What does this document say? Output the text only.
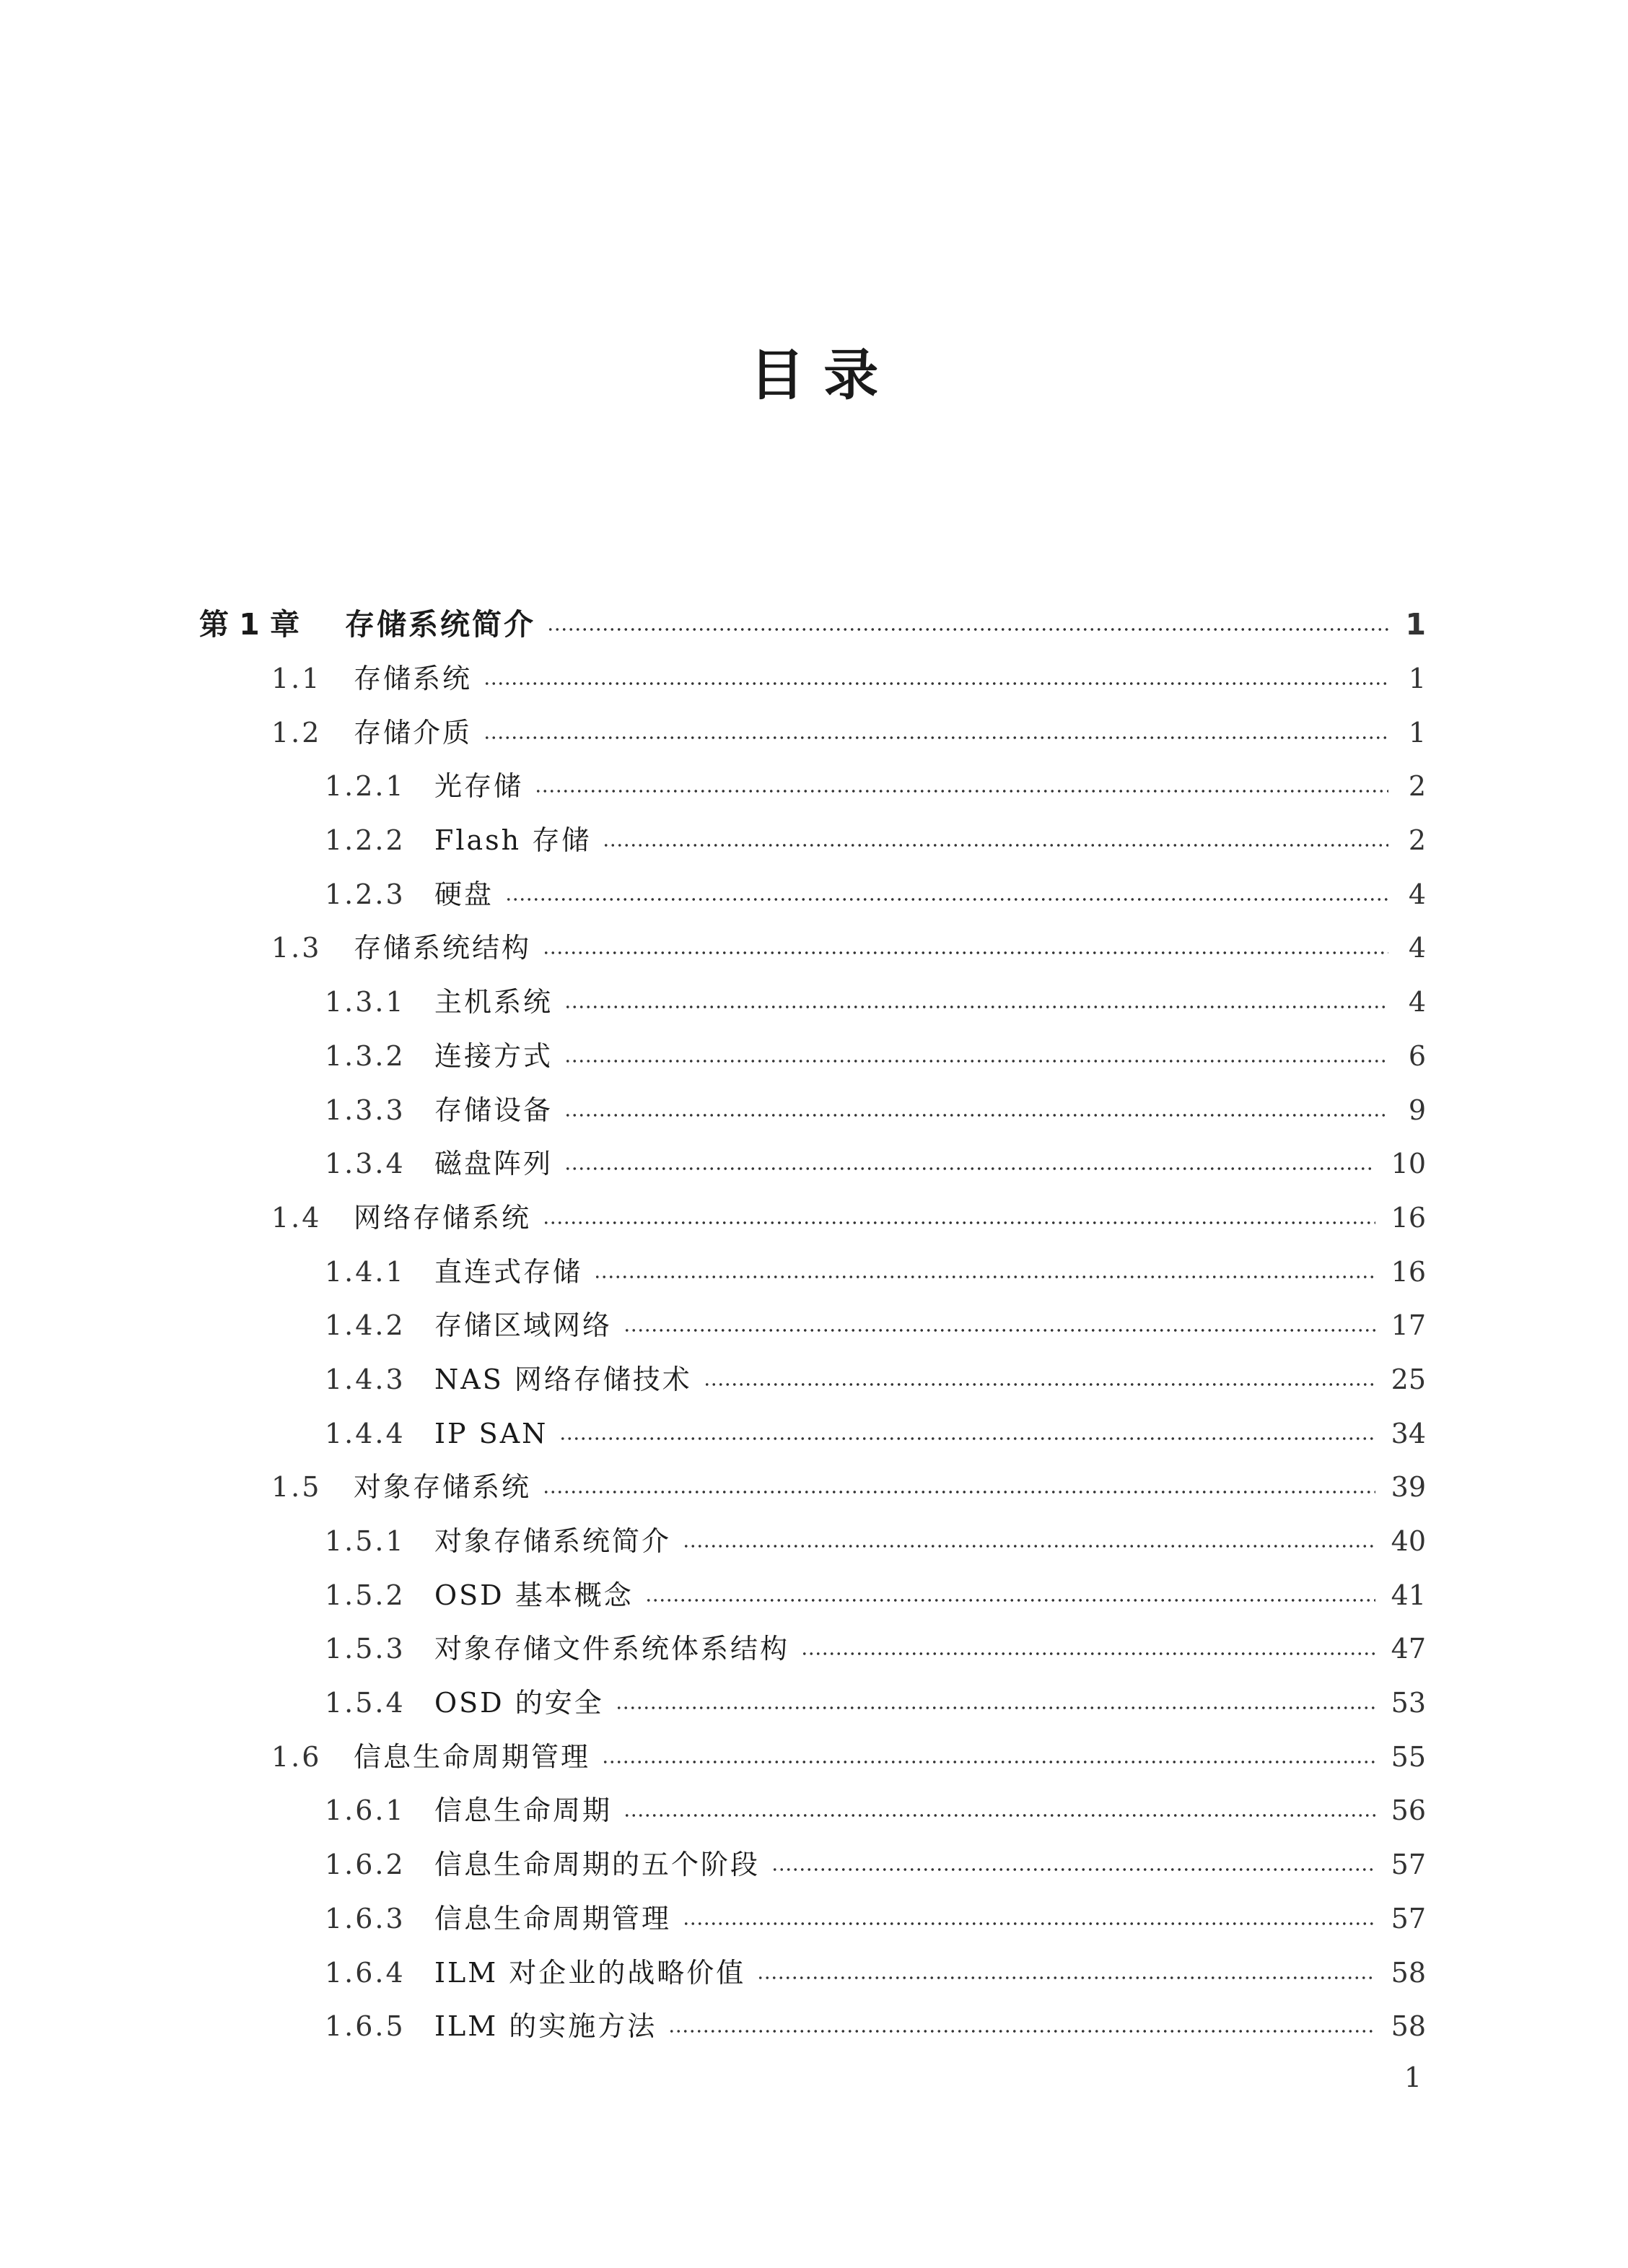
目 录
第 1 章	存储系统简介	1
1.1	存储系统	1
1.2	存储介质	1
1.2.1	光存储	2
1.2.2	Flash 存储	2
1.2.3	硬盘	4
1.3	存储系统结构	4
1.3.1	主机系统	4
1.3.2	连接方式	6
1.3.3	存储设备	9
1.3.4	磁盘阵列	10
1.4	网络存储系统	16
1.4.1	直连式存储	16
1.4.2	存储区域网络	17
1.4.3	NAS 网络存储技术	25
1.4.4	IP SAN	34
1.5	对象存储系统	39
1.5.1	对象存储系统简介	40
1.5.2	OSD 基本概念	41
1.5.3	对象存储文件系统体系结构	47
1.5.4	OSD 的安全	53
1.6	信息生命周期管理	55
1.6.1	信息生命周期	56
1.6.2	信息生命周期的五个阶段	57
1.6.3	信息生命周期管理	57
1.6.4	ILM 对企业的战略价值	58
1.6.5	ILM 的实施方法	58
1
